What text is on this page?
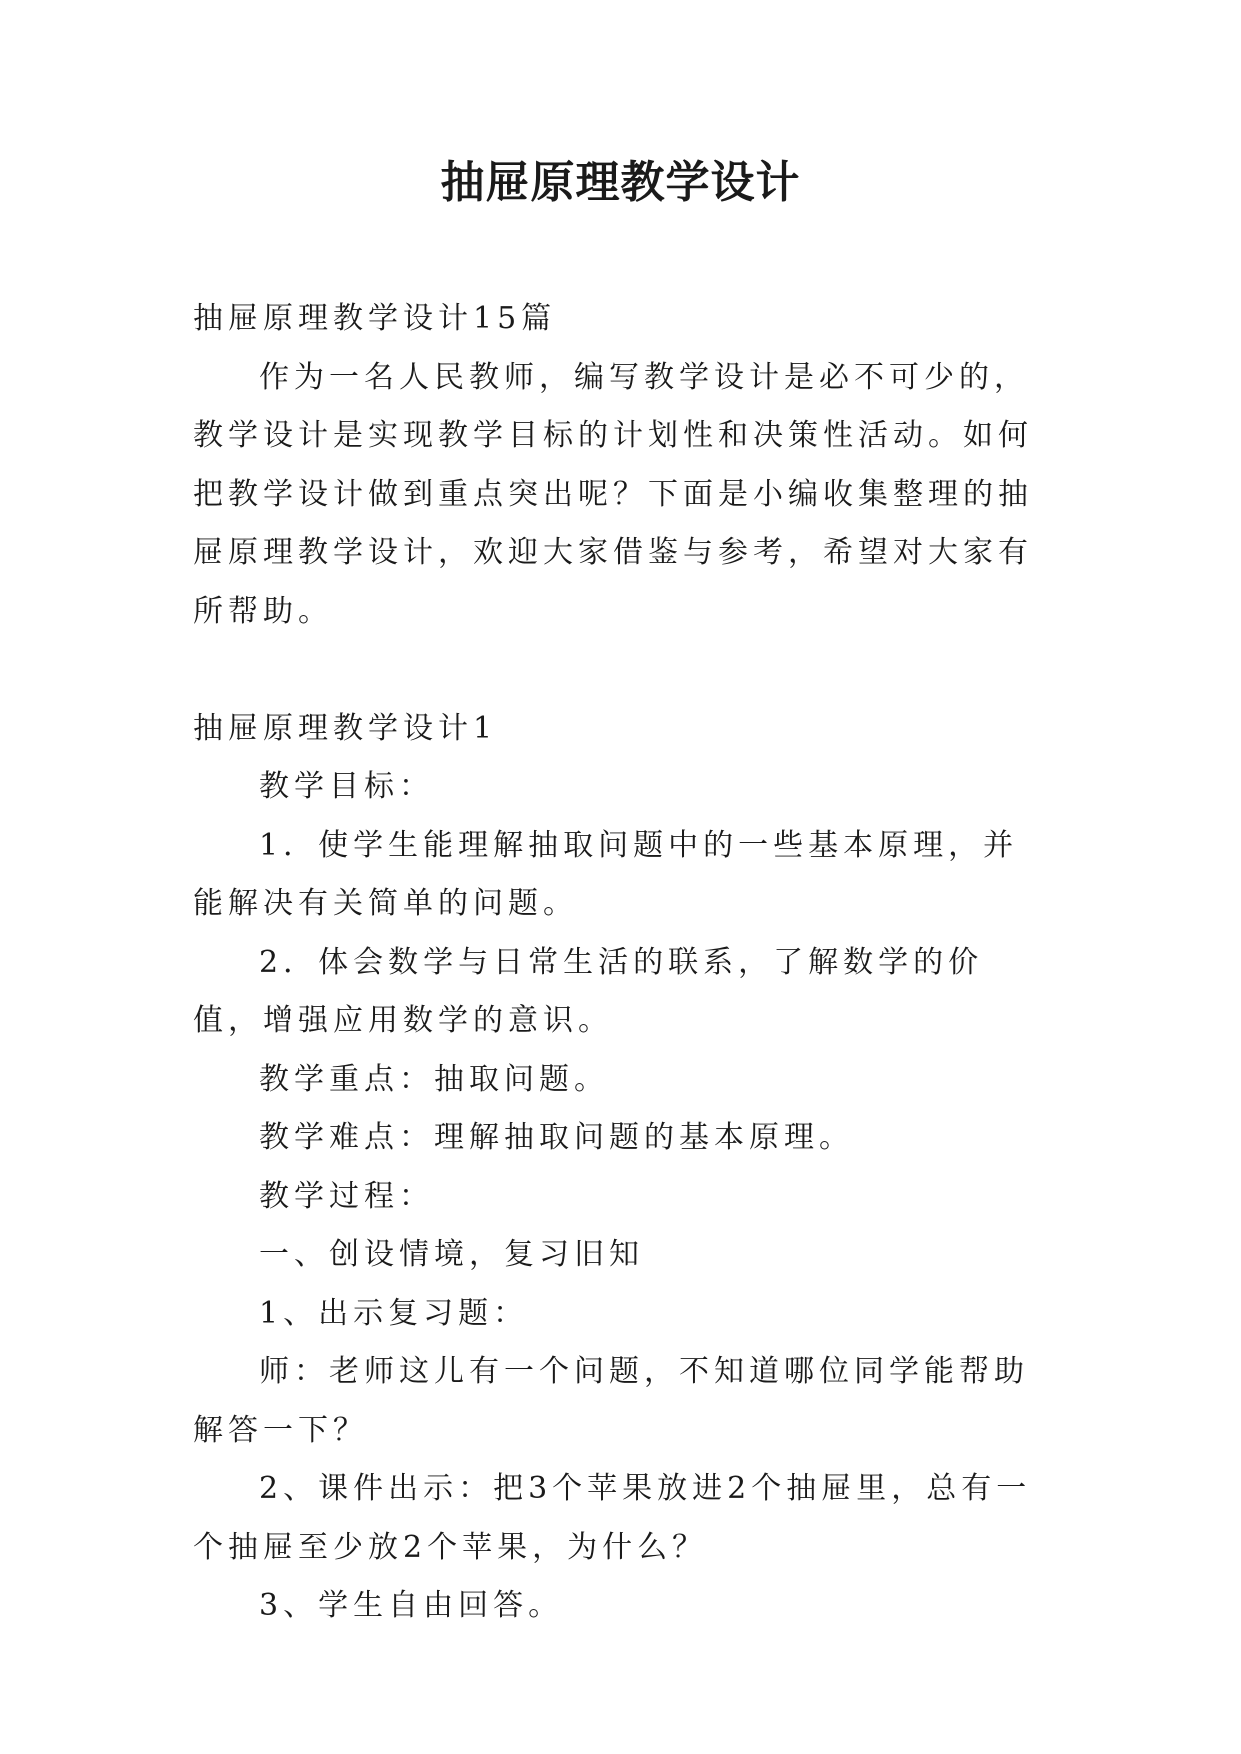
抽屉原理教学设计

抽屉原理教学设计15篇

作为一名人民教师，编写教学设计是必不可少的，教学设计是实现教学目标的计划性和决策性活动。如何把教学设计做到重点突出呢？下面是小编收集整理的抽屉原理教学设计，欢迎大家借鉴与参考，希望对大家有所帮助。

抽屉原理教学设计1

教学目标：

1．使学生能理解抽取问题中的一些基本原理，并能解决有关简单的问题。

2．体会数学与日常生活的联系，了解数学的价值，增强应用数学的意识。

教学重点：抽取问题。

教学难点：理解抽取问题的基本原理。

教学过程：

一、创设情境，复习旧知

1、出示复习题：

师：老师这儿有一个问题，不知道哪位同学能帮助解答一下？

2、课件出示：把3个苹果放进2个抽屉里，总有一个抽屉至少放2个苹果，为什么？

3、学生自由回答。
